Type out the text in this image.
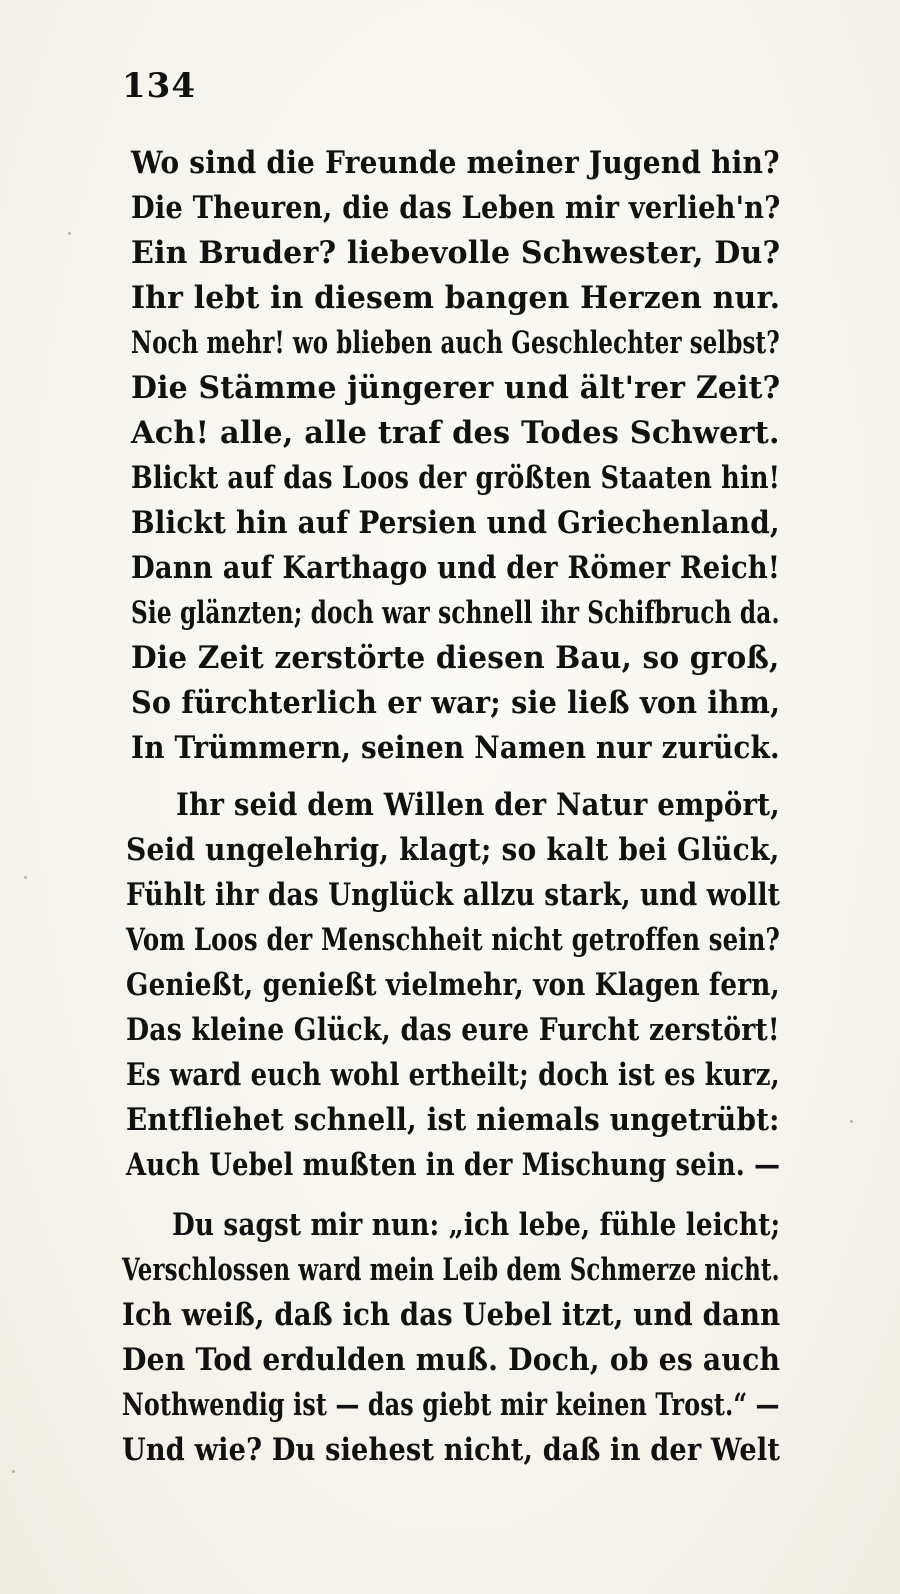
134
Wo sind die Freunde meiner Jugend hin?
Die Theuren, die das Leben mir verlieh'n?
Ein Bruder? liebevolle Schwester, Du?
Ihr lebt in diesem bangen Herzen nur.
Noch mehr! wo blieben auch Geschlechter selbst?
Die Stämme jüngerer und ält'rer Zeit?
Ach! alle, alle traf des Todes Schwert.
Blickt auf das Loos der größten Staaten hin!
Blickt hin auf Persien und Griechenland,
Dann auf Karthago und der Römer Reich!
Sie glänzten; doch war schnell ihr Schifbruch da.
Die Zeit zerstörte diesen Bau, so groß,
So fürchterlich er war; sie ließ von ihm,
In Trümmern, seinen Namen nur zurück.
Ihr seid dem Willen der Natur empört,
Seid ungelehrig, klagt; so kalt bei Glück,
Fühlt ihr das Unglück allzu stark, und wollt
Vom Loos der Menschheit nicht getroffen sein?
Genießt, genießt vielmehr, von Klagen fern,
Das kleine Glück, das eure Furcht zerstört!
Es ward euch wohl ertheilt; doch ist es kurz,
Entfliehet schnell, ist niemals ungetrübt:
Auch Uebel mußten in der Mischung sein. —
Du sagst mir nun: „ich lebe, fühle leicht;
Verschlossen ward mein Leib dem Schmerze nicht.
Ich weiß, daß ich das Uebel itzt, und dann
Den Tod erdulden muß. Doch, ob es auch
Nothwendig ist — das giebt mir keinen Trost.“ —
Und wie? Du siehest nicht, daß in der Welt
